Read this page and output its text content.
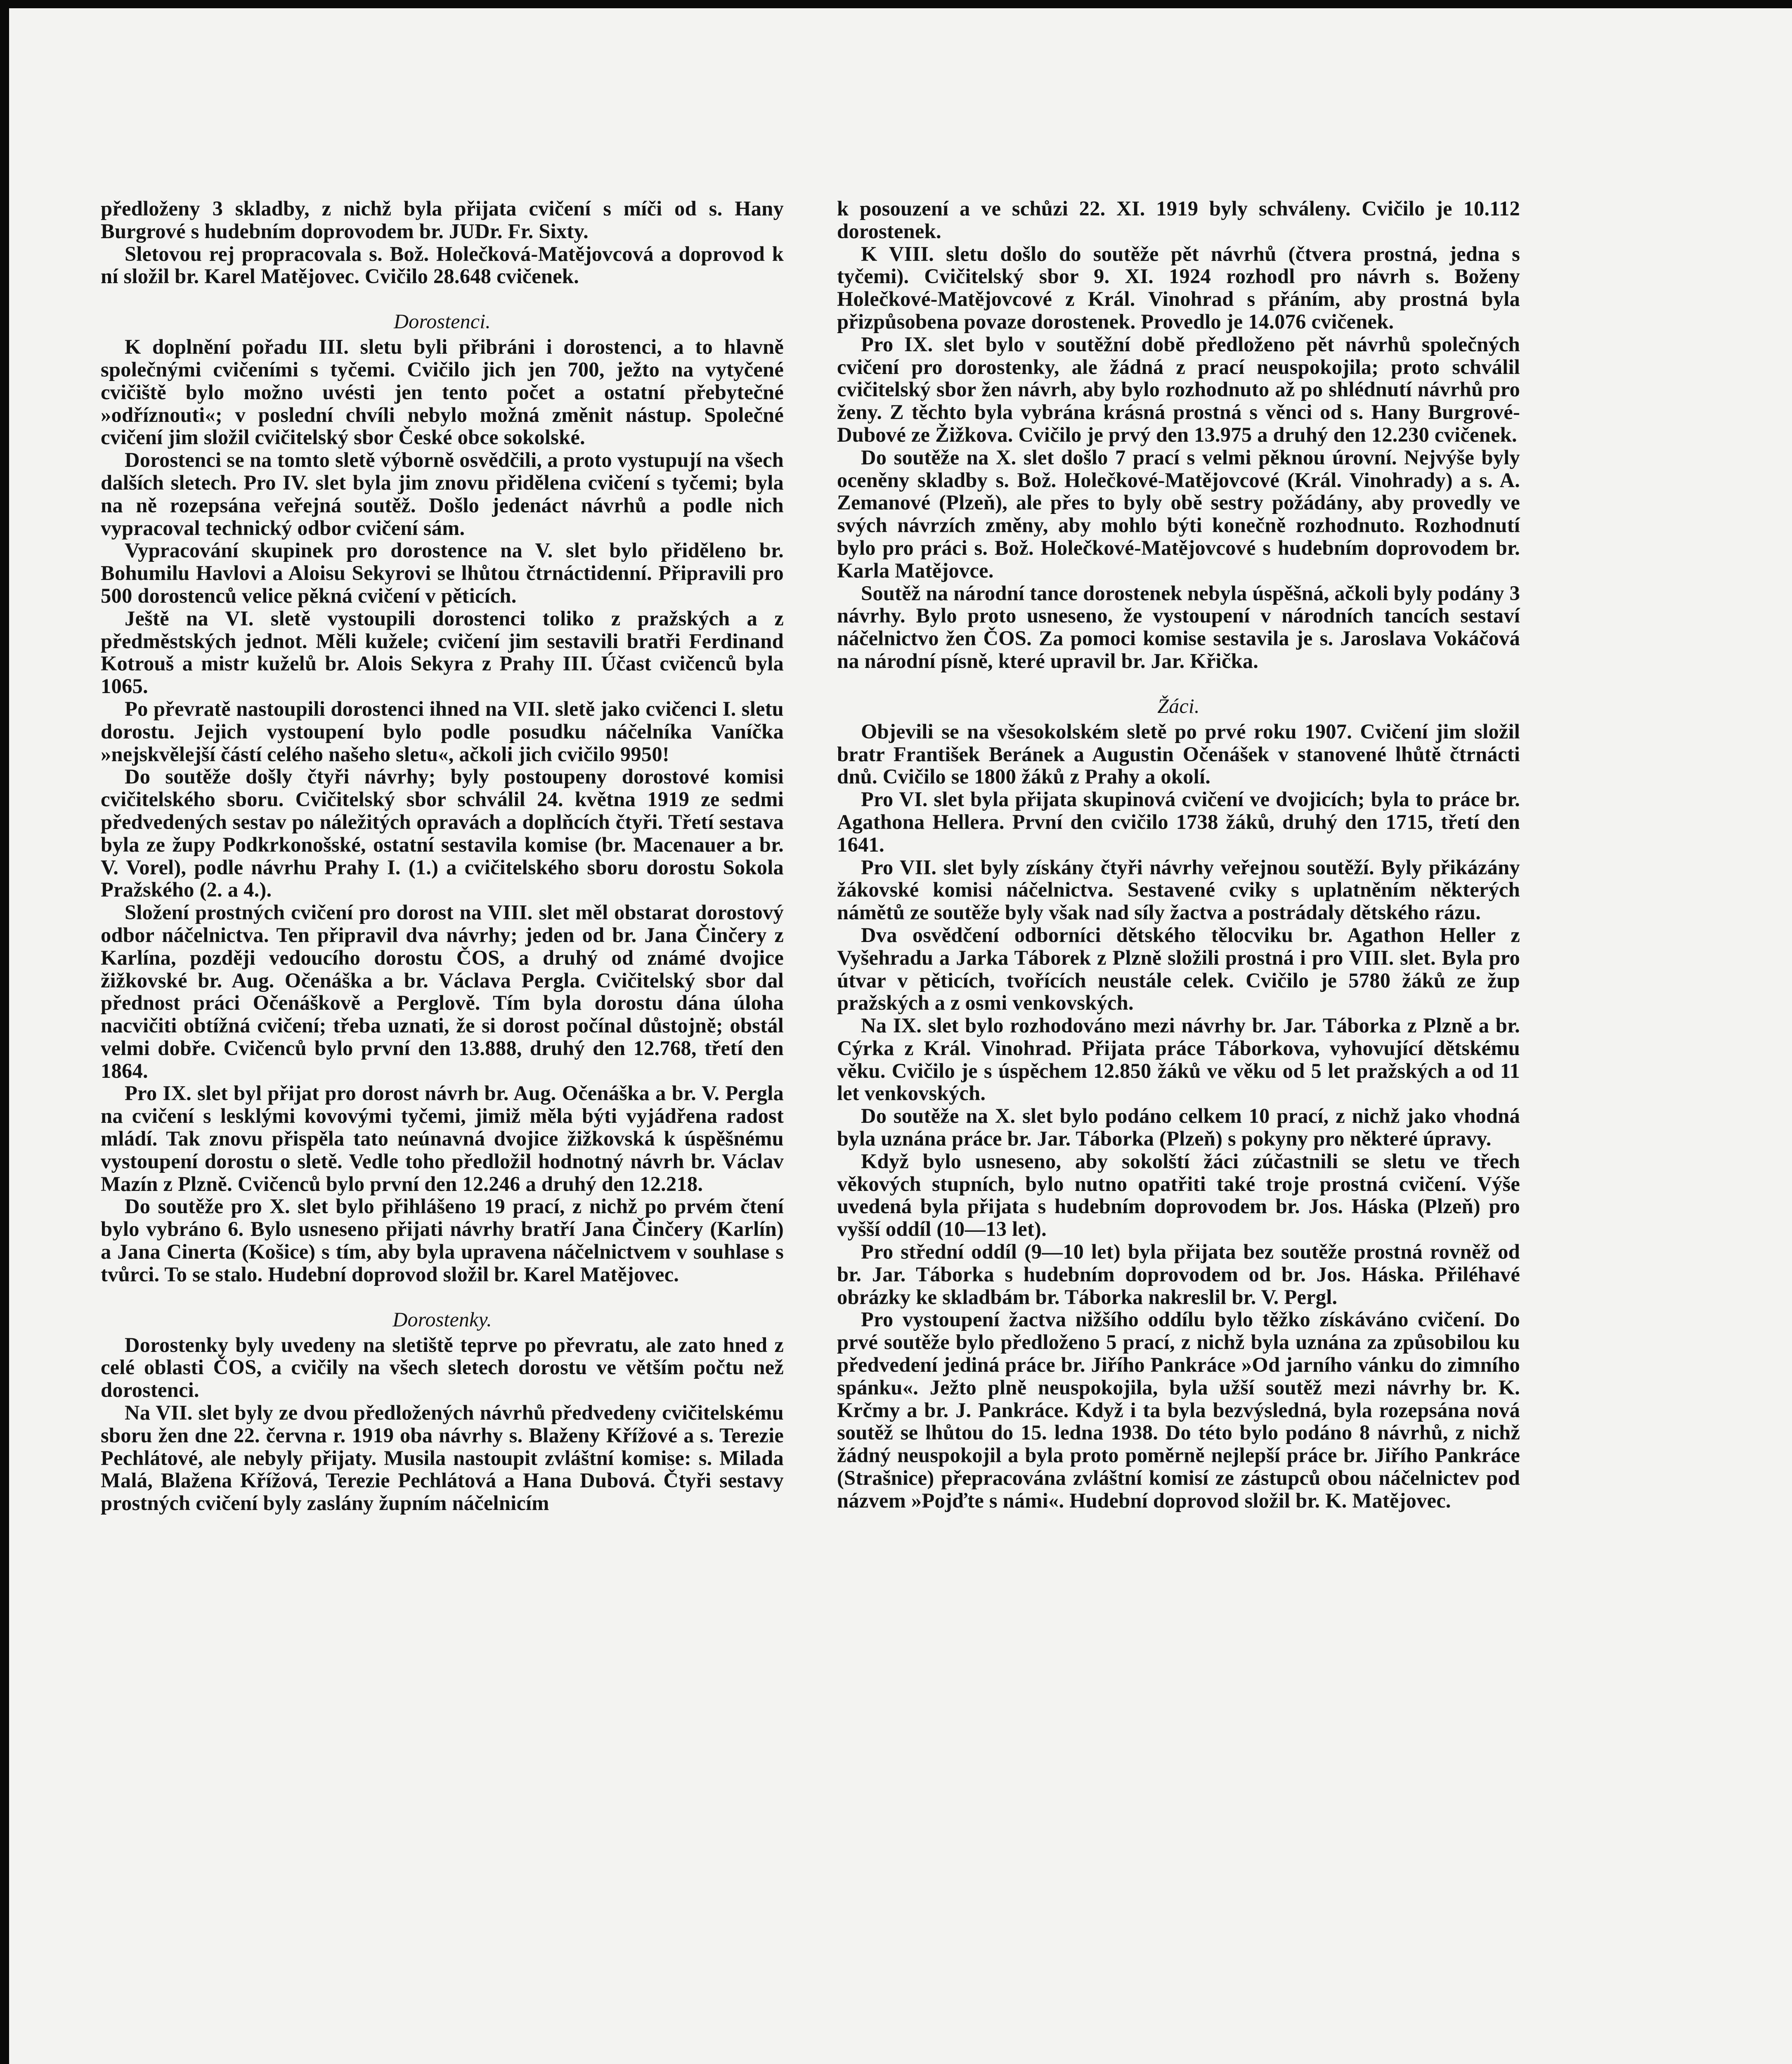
předloženy 3 skladby, z nichž byla přijata cvičení s míči od s. Hany Burgrové s hudebním doprovodem br. JUDr. Fr. Sixty.

Sletovou rej propracovala s. Bož. Holečková-Matějovcová a doprovod k ní složil br. Karel Matějovec. Cvičilo 28.648 cvičenek.

Dorostenci.

K doplnění pořadu III. sletu byli přibráni i dorostenci, a to hlavně společnými cvičeními s tyčemi. Cvičilo jich jen 700, ježto na vytyčené cvičiště bylo možno uvésti jen tento počet a ostatní přebytečné »odříznouti«; v poslední chvíli nebylo možná změnit nástup. Společné cvičení jim složil cvičitelský sbor České obce sokolské.

Dorostenci se na tomto sletě výborně osvědčili, a proto vystupují na všech dalších sletech. Pro IV. slet byla jim znovu přidělena cvičení s tyčemi; byla na ně rozepsána veřejná soutěž. Došlo jedenáct návrhů a podle nich vypracoval technický odbor cvičení sám.

Vypracování skupinek pro dorostence na V. slet bylo přiděleno br. Bohumilu Havlovi a Aloisu Sekyrovi se lhůtou čtrnáctidenní. Připravili pro 500 dorostenců velice pěkná cvičení v pěticích.

Ještě na VI. sletě vystoupili dorostenci toliko z pražských a z předměstských jednot. Měli kužele; cvičení jim sestavili bratři Ferdinand Kotrouš a mistr kuželů br. Alois Sekyra z Prahy III. Účast cvičenců byla 1065.

Po převratě nastoupili dorostenci ihned na VII. sletě jako cvičenci I. sletu dorostu. Jejich vystoupení bylo podle posudku náčelníka Vaníčka »nejskvělejší částí celého našeho sletu«, ačkoli jich cvičilo 9950!

Do soutěže došly čtyři návrhy; byly postoupeny dorostové komisi cvičitelského sboru. Cvičitelský sbor schválil 24. května 1919 ze sedmi předvedených sestav po náležitých opravách a doplňcích čtyři. Třetí sestava byla ze župy Podkrkonošské, ostatní sestavila komise (br. Macenauer a br. V. Vorel), podle návrhu Prahy I. (1.) a cvičitelského sboru dorostu Sokola Pražského (2. a 4.).

Složení prostných cvičení pro dorost na VIII. slet měl obstarat dorostový odbor náčelnictva. Ten připravil dva návrhy; jeden od br. Jana Činčery z Karlína, později vedoucího dorostu ČOS, a druhý od známé dvojice žižkovské br. Aug. Očenáška a br. Václava Pergla. Cvičitelský sbor dal přednost práci Očenáškově a Perglově. Tím byla dorostu dána úloha nacvičiti obtížná cvičení; třeba uznati, že si dorost počínal důstojně; obstál velmi dobře. Cvičenců bylo první den 13.888, druhý den 12.768, třetí den 1864.

Pro IX. slet byl přijat pro dorost návrh br. Aug. Očenáška a br. V. Pergla na cvičení s lesklými kovovými tyčemi, jimiž měla býti vyjádřena radost mládí. Tak znovu přispěla tato neúnavná dvojice žižkovská k úspěšnému vystoupení dorostu o sletě. Vedle toho předložil hodnotný návrh br. Václav Mazín z Plzně. Cvičenců bylo první den 12.246 a druhý den 12.218.

Do soutěže pro X. slet bylo přihlášeno 19 prací, z nichž po prvém čtení bylo vybráno 6. Bylo usneseno přijati návrhy bratří Jana Činčery (Karlín) a Jana Cinerta (Košice) s tím, aby byla upravena náčelnictvem v souhlase s tvůrci. To se stalo. Hudební doprovod složil br. Karel Matějovec.

Dorostenky.

Dorostenky byly uvedeny na sletiště teprve po převratu, ale zato hned z celé oblasti ČOS, a cvičily na všech sletech dorostu ve větším počtu než dorostenci.

Na VII. slet byly ze dvou předložených návrhů předvedeny cvičitelskému sboru žen dne 22. června r. 1919 oba návrhy s. Blaženy Křížové a s. Terezie Pechlátové, ale nebyly přijaty. Musila nastoupit zvláštní komise: s. Milada Malá, Blažena Křížová, Terezie Pechlátová a Hana Dubová. Čtyři sestavy prostných cvičení byly zaslány župním náčelnicím

k posouzení a ve schůzi 22. XI. 1919 byly schváleny. Cvičilo je 10.112 dorostenek.

K VIII. sletu došlo do soutěže pět návrhů (čtvera prostná, jedna s tyčemi). Cvičitelský sbor 9. XI. 1924 rozhodl pro návrh s. Boženy Holečkové-Matějovcové z Král. Vinohrad s přáním, aby prostná byla přizpůsobena povaze dorostenek. Provedlo je 14.076 cvičenek.

Pro IX. slet bylo v soutěžní době předloženo pět návrhů společných cvičení pro dorostenky, ale žádná z prací neuspokojila; proto schválil cvičitelský sbor žen návrh, aby bylo rozhodnuto až po shlédnutí návrhů pro ženy. Z těchto byla vybrána krásná prostná s věnci od s. Hany Burgrové-Dubové ze Žižkova. Cvičilo je prvý den 13.975 a druhý den 12.230 cvičenek.

Do soutěže na X. slet došlo 7 prací s velmi pěknou úrovní. Nejvýše byly oceněny skladby s. Bož. Holečkové-Matějovcové (Král. Vinohrady) a s. A. Zemanové (Plzeň), ale přes to byly obě sestry požádány, aby provedly ve svých návrzích změny, aby mohlo býti konečně rozhodnuto. Rozhodnutí bylo pro práci s. Bož. Holečkové-Matějovcové s hudebním doprovodem br. Karla Matějovce.

Soutěž na národní tance dorostenek nebyla úspěšná, ačkoli byly podány 3 návrhy. Bylo proto usneseno, že vystoupení v národních tancích sestaví náčelnictvo žen ČOS. Za pomoci komise sestavila je s. Jaroslava Vokáčová na národní písně, které upravil br. Jar. Křička.

Žáci.

Objevili se na všesokolském sletě po prvé roku 1907. Cvičení jim složil bratr František Beránek a Augustin Očenášek v stanovené lhůtě čtrnácti dnů. Cvičilo se 1800 žáků z Prahy a okolí.

Pro VI. slet byla přijata skupinová cvičení ve dvojicích; byla to práce br. Agathona Hellera. První den cvičilo 1738 žáků, druhý den 1715, třetí den 1641.

Pro VII. slet byly získány čtyři návrhy veřejnou soutěží. Byly přikázány žákovské komisi náčelnictva. Sestavené cviky s uplatněním některých námětů ze soutěže byly však nad síly žactva a postrádaly dětského rázu.

Dva osvědčení odborníci dětského tělocviku br. Agathon Heller z Vyšehradu a Jarka Táborek z Plzně složili prostná i pro VIII. slet. Byla pro útvar v pěticích, tvořících neustále celek. Cvičilo je 5780 žáků ze žup pražských a z osmi venkovských.

Na IX. slet bylo rozhodováno mezi návrhy br. Jar. Táborka z Plzně a br. Cýrka z Král. Vinohrad. Přijata práce Táborkova, vyhovující dětskému věku. Cvičilo je s úspěchem 12.850 žáků ve věku od 5 let pražských a od 11 let venkovských.

Do soutěže na X. slet bylo podáno celkem 10 prací, z nichž jako vhodná byla uznána práce br. Jar. Táborka (Plzeň) s pokyny pro některé úpravy.

Když bylo usneseno, aby sokolští žáci zúčastnili se sletu ve třech věkových stupních, bylo nutno opatřiti také troje prostná cvičení. Výše uvedená byla přijata s hudebním doprovodem br. Jos. Háska (Plzeň) pro vyšší oddíl (10—13 let).

Pro střední oddíl (9—10 let) byla přijata bez soutěže prostná rovněž od br. Jar. Táborka s hudebním doprovodem od br. Jos. Háska. Přiléhavé obrázky ke skladbám br. Táborka nakreslil br. V. Pergl.

Pro vystoupení žactva nižšího oddílu bylo těžko získáváno cvičení. Do prvé soutěže bylo předloženo 5 prací, z nichž byla uznána za způsobilou ku předvedení jediná práce br. Jiřího Pankráce »Od jarního vánku do zimního spánku«. Ježto plně neuspokojila, byla užší soutěž mezi návrhy br. K. Krčmy a br. J. Pankráce. Když i ta byla bezvýsledná, byla rozepsána nová soutěž se lhůtou do 15. ledna 1938. Do této bylo podáno 8 návrhů, z nichž žádný neuspokojil a byla proto poměrně nejlepší práce br. Jiřího Pankráce (Strašnice) přepracována zvláštní komisí ze zástupců obou náčelnictev pod názvem »Pojďte s námi«. Hudební doprovod složil br. K. Matějovec.
